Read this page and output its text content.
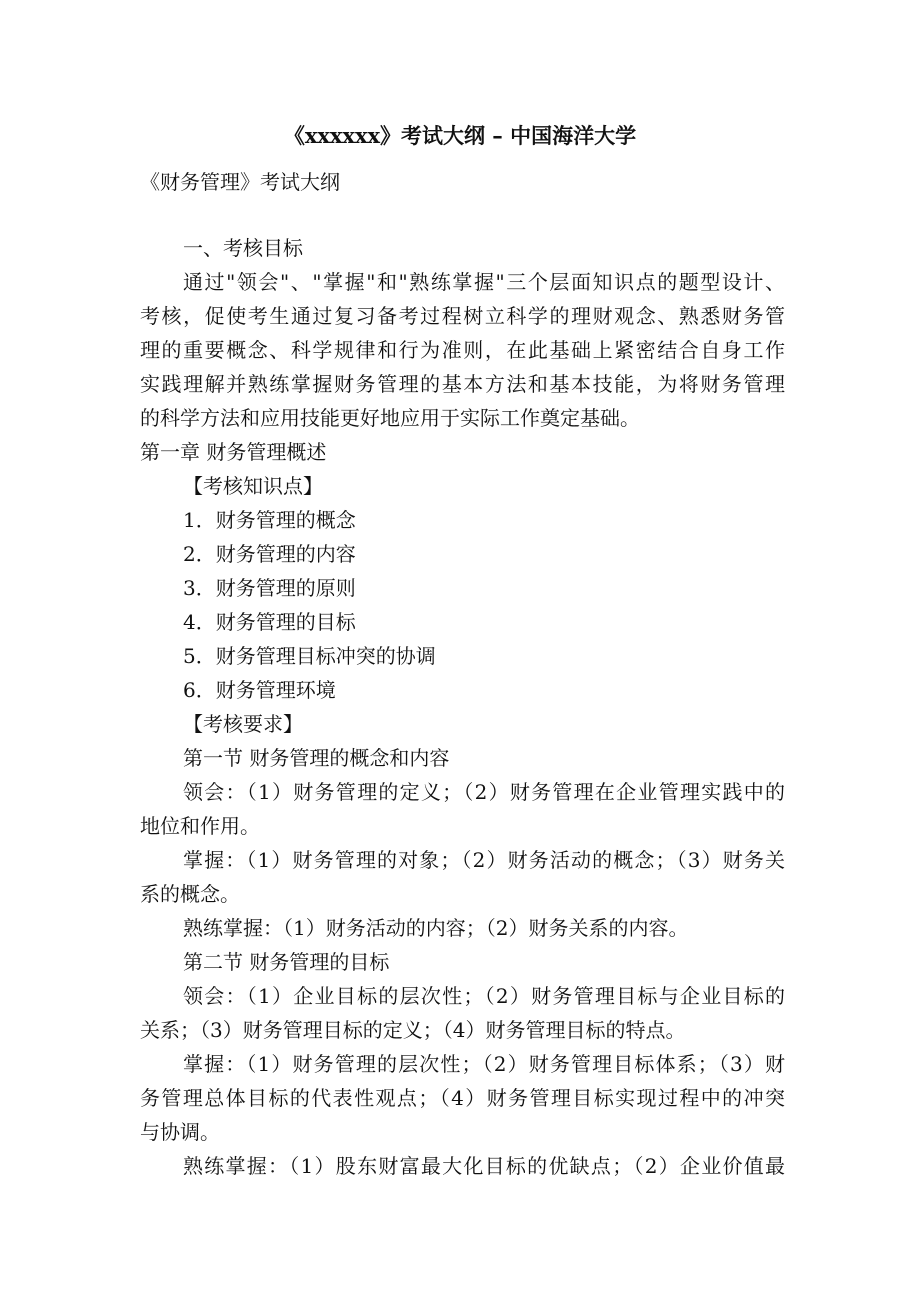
《xxxxxx》考试大纲 – 中国海洋大学
《财务管理》考试大纲
一、考核目标
通过"领会"、"掌握"和"熟练掌握"三个层面知识点的题型设计、
考核，促使考生通过复习备考过程树立科学的理财观念、熟悉财务管
理的重要概念、科学规律和行为准则，在此基础上紧密结合自身工作
实践理解并熟练掌握财务管理的基本方法和基本技能，为将财务管理
的科学方法和应用技能更好地应用于实际工作奠定基础。
第一章 财务管理概述
【考核知识点】
1．财务管理的概念
2．财务管理的内容
3．财务管理的原则
4．财务管理的目标
5．财务管理目标冲突的协调
6．财务管理环境
【考核要求】
第一节 财务管理的概念和内容
领会：（1）财务管理的定义；（2）财务管理在企业管理实践中的
地位和作用。
掌握：（1）财务管理的对象；（2）财务活动的概念；（3）财务关
系的概念。
熟练掌握：（1）财务活动的内容；（2）财务关系的内容。
第二节 财务管理的目标
领会：（1）企业目标的层次性；（2）财务管理目标与企业目标的
关系；（3）财务管理目标的定义；（4）财务管理目标的特点。
掌握：（1）财务管理的层次性；（2）财务管理目标体系；（3）财
务管理总体目标的代表性观点；（4）财务管理目标实现过程中的冲突
与协调。
熟练掌握：（1）股东财富最大化目标的优缺点；（2）企业价值最
